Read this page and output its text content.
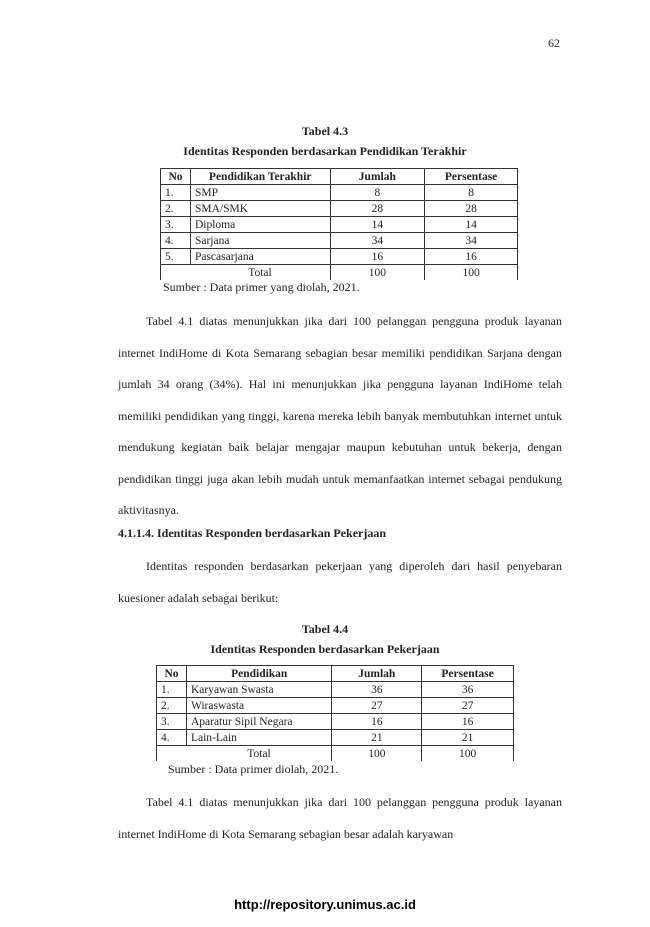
62
Tabel 4.3
Identitas Responden berdasarkan Pendidikan Terakhir
No	Pendidikan Terakhir	Jumlah	Persentase
1.	SMP	8	8
2.	SMA/SMK	28	28
3.	Diploma	14	14
4.	Sarjana	34	34
5.	Pascasarjana	16	16
	Total	100	100
Sumber : Data primer yang diolah, 2021.

Tabel 4.1 diatas menunjukkan jika dari 100 pelanggan pengguna produk layanan internet IndiHome di Kota Semarang sebagian besar memiliki pendidikan Sarjana dengan jumlah 34 orang (34%). Hal ini menunjukkan jika pengguna layanan IndiHome telah memiliki pendidikan yang tinggi, karena mereka lebih banyak membutuhkan internet untuk mendukung kegiatan baik belajar mengajar maupun kebutuhan untuk bekerja, dengan pendidikan tinggi juga akan lebih mudah untuk memanfaatkan internet sebagai pendukung aktivitasnya.

4.1.1.4. Identitas Responden berdasarkan Pekerjaan

Identitas responden berdasarkan pekerjaan yang diperoleh dari hasil penyebaran kuesioner adalah sebagai berikut:

Tabel 4.4
Identitas Responden berdasarkan Pekerjaan
No	Pendidikan	Jumlah	Persentase
1.	Karyawan Swasta	36	36
2.	Wiraswasta	27	27
3.	Aparatur Sipil Negara	16	16
4.	Lain-Lain	21	21
	Total	100	100
Sumber : Data primer diolah, 2021.

Tabel 4.1 diatas menunjukkan jika dari 100 pelanggan pengguna produk layanan internet IndiHome di Kota Semarang sebagian besar adalah karyawan

http://repository.unimus.ac.id
